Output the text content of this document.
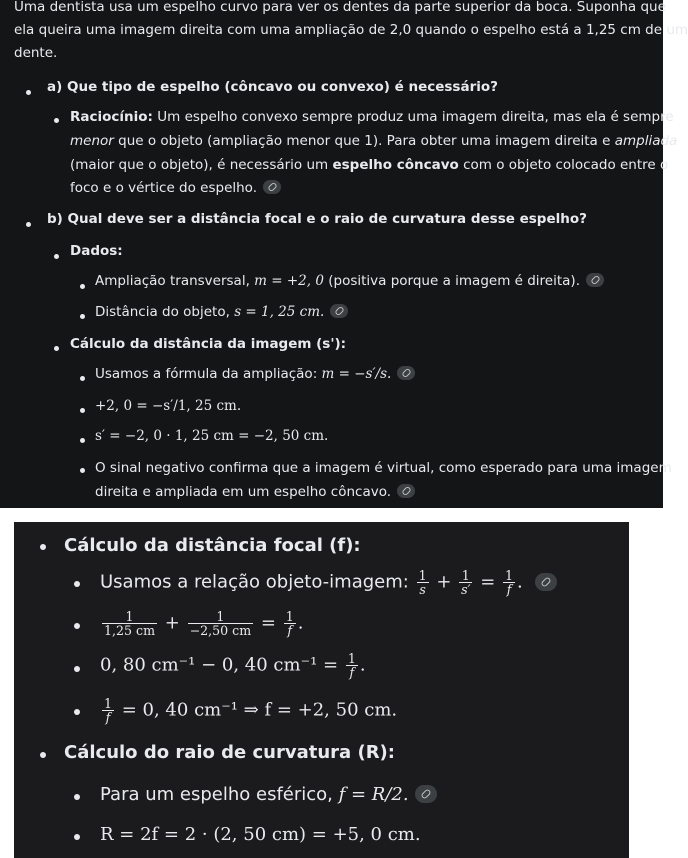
Uma dentista usa um espelho curvo para ver os dentes da parte superior da boca. Suponha que
ela queira uma imagem direita com uma ampliação de 2,0 quando o espelho está a 1,25 cm de um
dente.
a) Que tipo de espelho (côncavo ou convexo) é necessário?
Raciocínio: Um espelho convexo sempre produz uma imagem direita, mas ela é sempre
menor que o objeto (ampliação menor que 1). Para obter uma imagem direita e ampliada
(maior que o objeto), é necessário um espelho côncavo com o objeto colocado entre o
foco e o vértice do espelho.
b) Qual deve ser a distância focal e o raio de curvatura desse espelho?
Dados:
Ampliação transversal, m = +2, 0 (positiva porque a imagem é direita).
Distância do objeto, s = 1, 25 cm.
Cálculo da distância da imagem (s'):
Usamos a fórmula da ampliação: m = −s′/s.
+2, 0 = −s′/1, 25 cm.
s′ = −2, 0 · 1, 25 cm = −2, 50 cm.
O sinal negativo confirma que a imagem é virtual, como esperado para uma imagem
direita e ampliada em um espelho côncavo.
Cálculo da distância focal (f):
Usamos a relação objeto-imagem: $\frac{1}{s} + \frac{1}{s'} = \frac{1}{f}$ .
$\frac{1}{1,25 cm} + \frac{1}{-2,50 cm} = \frac{1}{f}$ .
0, 80 cm⁻¹ − 0, 40 $cm^{-1} = \frac{1}{f}$ .
$\frac{1}{f} = 0$, 40 cm⁻¹ ⇒ f = +2, 50 cm.
Cálculo do raio de curvatura (R):
Para um espelho esférico, f = R/2.
R = 2f = 2 · (2, 50 cm) = +5, 0 cm.
